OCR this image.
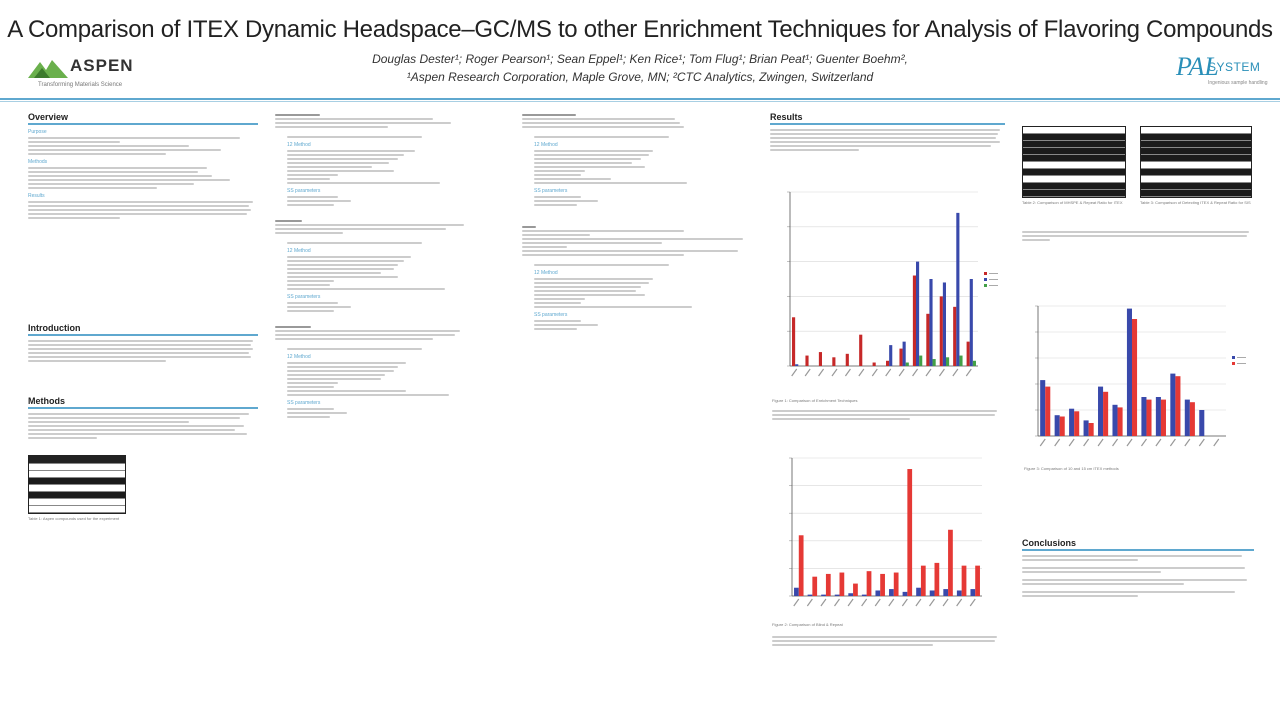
ASPEN
Transforming Materials Science
A Comparison of ITEX Dynamic Headspace–GC/MS to other Enrichment Techniques for Analysis of Flavoring Compounds
Douglas Dester¹; Roger Pearson¹; Sean Eppel¹; Ken Rice¹; Tom Flug¹; Brian Peat¹; Guenter Boehm²,
¹Aspen Research Corporation, Maple Grove, MN; ²CTC Analytics, Zwingen, Switzerland	PAL
SYSTEM
Ingenious sample handling
Overview
Purpose
Methods
Results
Introduction
Methods
Table 1: Aspen compounds used for the experiment
12 Method
SS parameters
12 Method
SS parameters
12 Method
SS parameters
12 Method
SS parameters
12 Method
SS parameters
Results
Figure 1: Comparison of Enrichment Techniques
Figure 2: Comparison of Blind & Repeat
Table 2: Comparison of MHSPE & Repeat Ratio for ITEX	Table 3: Comparison of Detecting ITEX & Repeat Ratio for SIS
Figure 3: Comparison of 10 and 15 cm ITEX methods
Conclusions
